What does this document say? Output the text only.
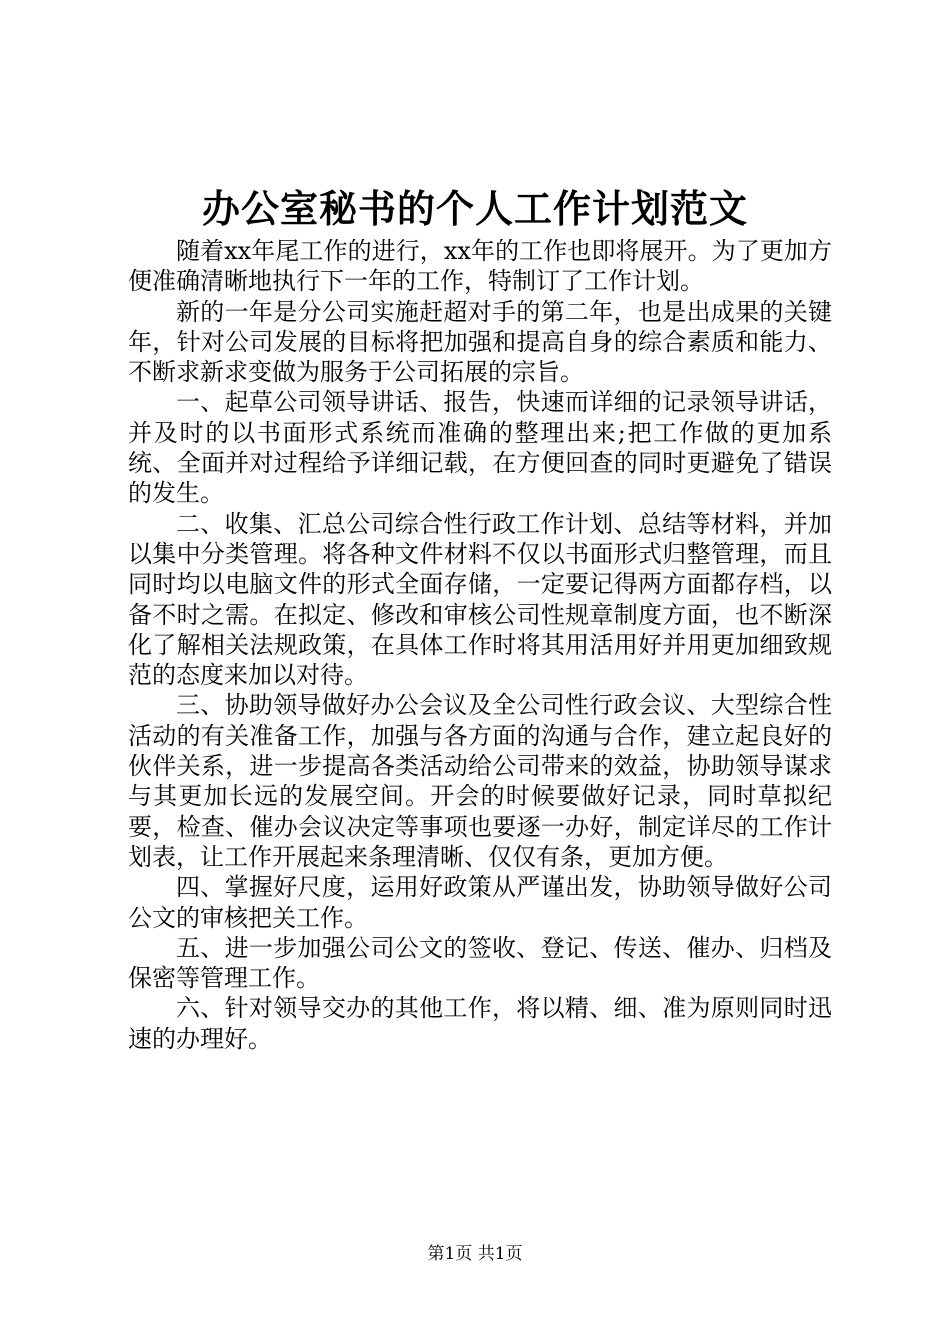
办公室秘书的个人工作计划范文

随着xx年尾工作的进行，xx年的工作也即将展开。为了更加方便准确清晰地执行下一年的工作，特制订了工作计划。

新的一年是分公司实施赶超对手的第二年，也是出成果的关键年，针对公司发展的目标将把加强和提高自身的综合素质和能力、不断求新求变做为服务于公司拓展的宗旨。

一、起草公司领导讲话、报告，快速而详细的记录领导讲话，并及时的以书面形式系统而准确的整理出来;把工作做的更加系统、全面并对过程给予详细记载，在方便回查的同时更避免了错误的发生。

二、收集、汇总公司综合性行政工作计划、总结等材料，并加以集中分类管理。将各种文件材料不仅以书面形式归整管理，而且同时均以电脑文件的形式全面存储，一定要记得两方面都存档，以备不时之需。在拟定、修改和审核公司性规章制度方面，也不断深化了解相关法规政策，在具体工作时将其用活用好并用更加细致规范的态度来加以对待。

三、协助领导做好办公会议及全公司性行政会议、大型综合性活动的有关准备工作，加强与各方面的沟通与合作，建立起良好的伙伴关系，进一步提高各类活动给公司带来的效益，协助领导谋求与其更加长远的发展空间。开会的时候要做好记录，同时草拟纪要，检查、催办会议决定等事项也要逐一办好，制定详尽的工作计划表，让工作开展起来条理清晰、仅仅有条，更加方便。

四、掌握好尺度，运用好政策从严谨出发，协助领导做好公司公文的审核把关工作。

五、进一步加强公司公文的签收、登记、传送、催办、归档及保密等管理工作。

六、针对领导交办的其他工作，将以精、细、准为原则同时迅速的办理好。

第1页 共1页
